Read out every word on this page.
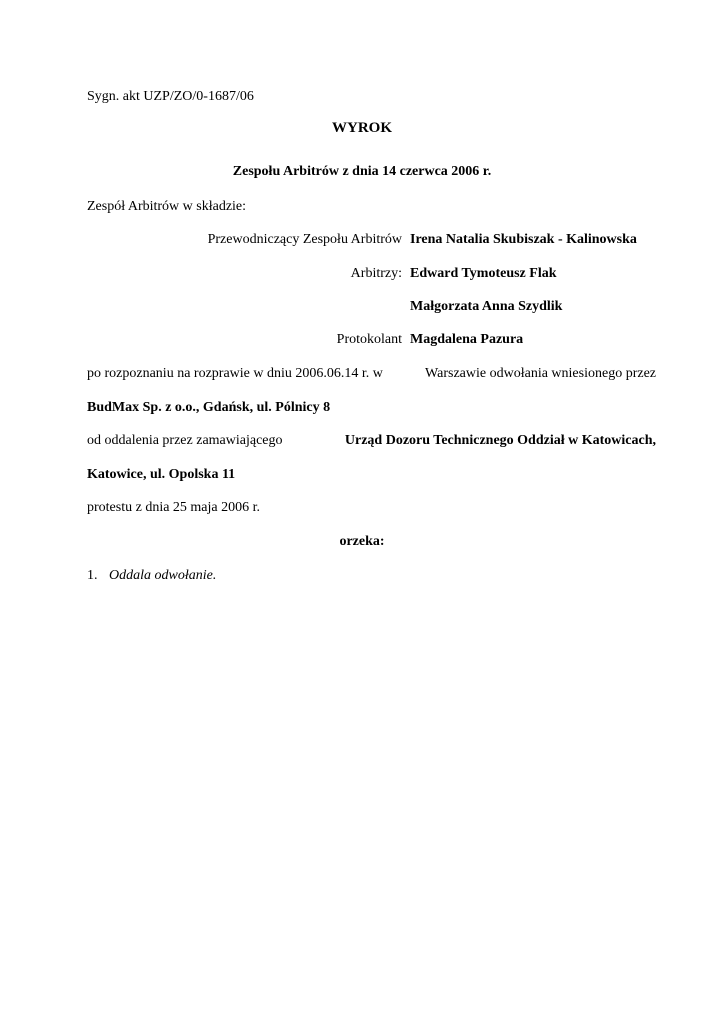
Sygn. akt UZP/ZO/0-1687/06
WYROK
Zespołu Arbitrów z dnia 14 czerwca 2006 r.
Zespół Arbitrów w składzie:
Przewodniczący Zespołu Arbitrów Irena Natalia Skubiszak - Kalinowska
Arbitrzy: Edward Tymoteusz Flak
Małgorzata Anna Szydlik
Protokolant Magdalena Pazura
po rozpoznaniu na rozprawie w dniu 2006.06.14 r. w	Warszawie odwołania wniesionego przez
BudMax Sp. z o.o., Gdańsk, ul. Pólnicy 8
od oddalenia przez zamawiającego	Urząd Dozoru Technicznego Oddział w Katowicach,
Katowice, ul. Opolska 11
protestu z dnia 25 maja 2006 r.
orzeka:
1. Oddala odwołanie.
